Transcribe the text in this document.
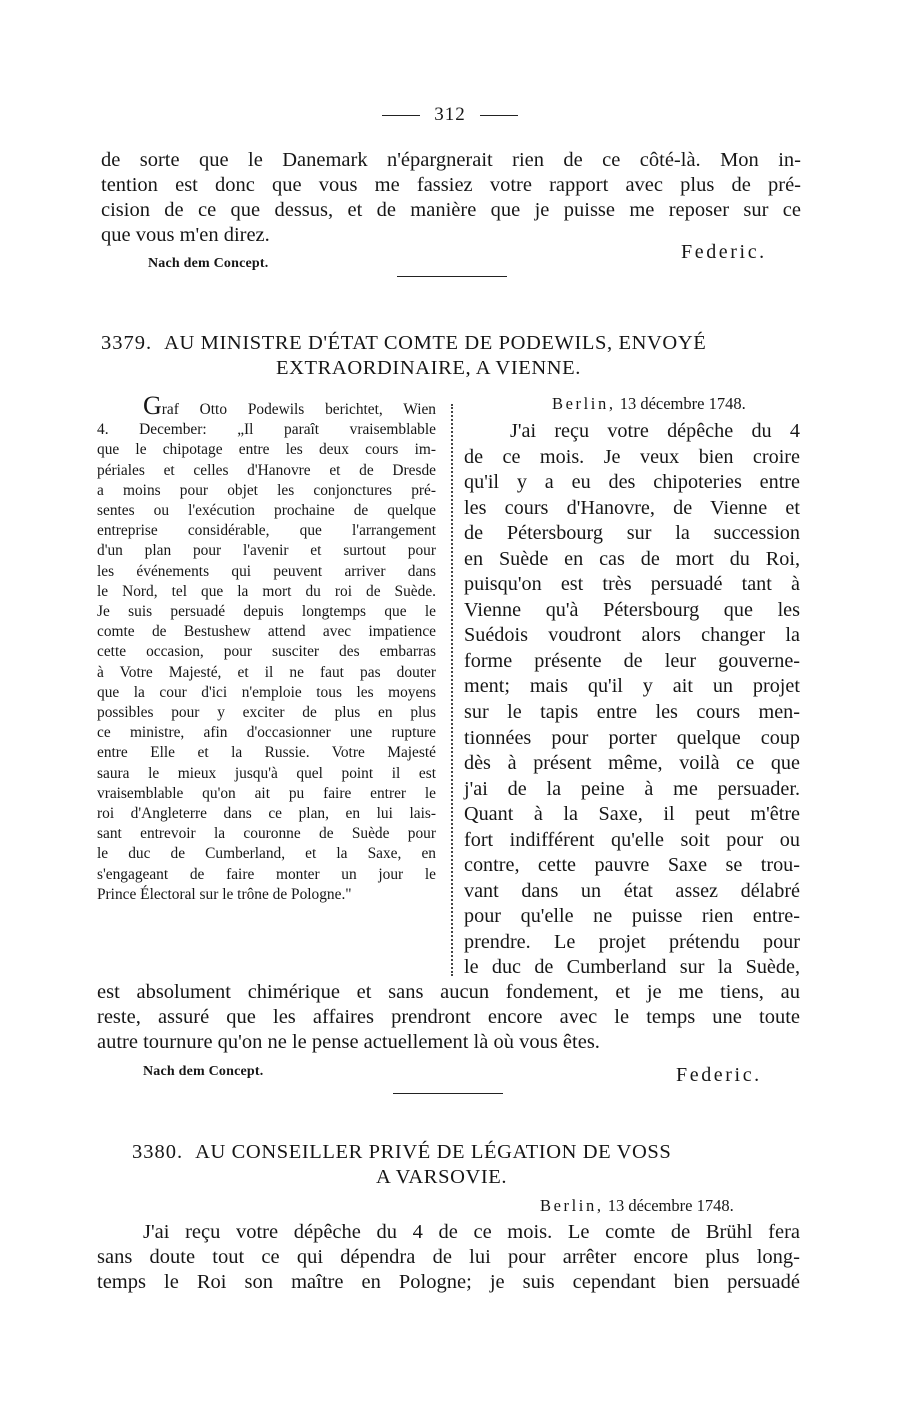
312
de sorte que le Danemark n'épargnerait rien de ce côté-là. Mon in-
tention est donc que vous me fassiez votre rapport avec plus de pré-
cision de ce que dessus, et de manière que je puisse me reposer sur ce
que vous m'en direz.
Federic.
Nach dem Concept.
3379. AU MINISTRE D'ÉTAT COMTE DE PODEWILS, ENVOYÉ
EXTRAORDINAIRE, A VIENNE.
Graf Otto Podewils berichtet, Wien
4. December: „Il paraît vraisemblable
que le chipotage entre les deux cours im-
périales et celles d'Hanovre et de Dresde
a moins pour objet les conjonctures pré-
sentes ou l'exécution prochaine de quelque
entreprise considérable, que l'arrangement
d'un plan pour l'avenir et surtout pour
les événements qui peuvent arriver dans
le Nord, tel que la mort du roi de Suède.
Je suis persuadé depuis longtemps que le
comte de Bestushew attend avec impatience
cette occasion, pour susciter des embarras
à Votre Majesté, et il ne faut pas douter
que la cour d'ici n'emploie tous les moyens
possibles pour y exciter de plus en plus
ce ministre, afin d'occasionner une rupture
entre Elle et la Russie. Votre Majesté
saura le mieux jusqu'à quel point il est
vraisemblable qu'on ait pu faire entrer le
roi d'Angleterre dans ce plan, en lui lais-
sant entrevoir la couronne de Suède pour
le duc de Cumberland, et la Saxe, en
s'engageant de faire monter un jour le
Prince Électoral sur le trône de Pologne."
Berlin, 13 décembre 1748.
J'ai reçu votre dépêche du 4
de ce mois. Je veux bien croire
qu'il y a eu des chipoteries entre
les cours d'Hanovre, de Vienne et
de Pétersbourg sur la succession
en Suède en cas de mort du Roi,
puisqu'on est très persuadé tant à
Vienne qu'à Pétersbourg que les
Suédois voudront alors changer la
forme présente de leur gouverne-
ment; mais qu'il y ait un projet
sur le tapis entre les cours men-
tionnées pour porter quelque coup
dès à présent même, voilà ce que
j'ai de la peine à me persuader.
Quant à la Saxe, il peut m'être
fort indifférent qu'elle soit pour ou
contre, cette pauvre Saxe se trou-
vant dans un état assez délabré
pour qu'elle ne puisse rien entre-
prendre. Le projet prétendu pour
le duc de Cumberland sur la Suède,
est absolument chimérique et sans aucun fondement, et je me tiens, au
reste, assuré que les affaires prendront encore avec le temps une toute
autre tournure qu'on ne le pense actuellement là où vous êtes.
Nach dem Concept.	Federic.
3380. AU CONSEILLER PRIVÉ DE LÉGATION DE VOSS
A VARSOVIE.
Berlin, 13 décembre 1748.
J'ai reçu votre dépêche du 4 de ce mois. Le comte de Brühl fera
sans doute tout ce qui dépendra de lui pour arrêter encore plus long-
temps le Roi son maître en Pologne; je suis cependant bien persuadé
